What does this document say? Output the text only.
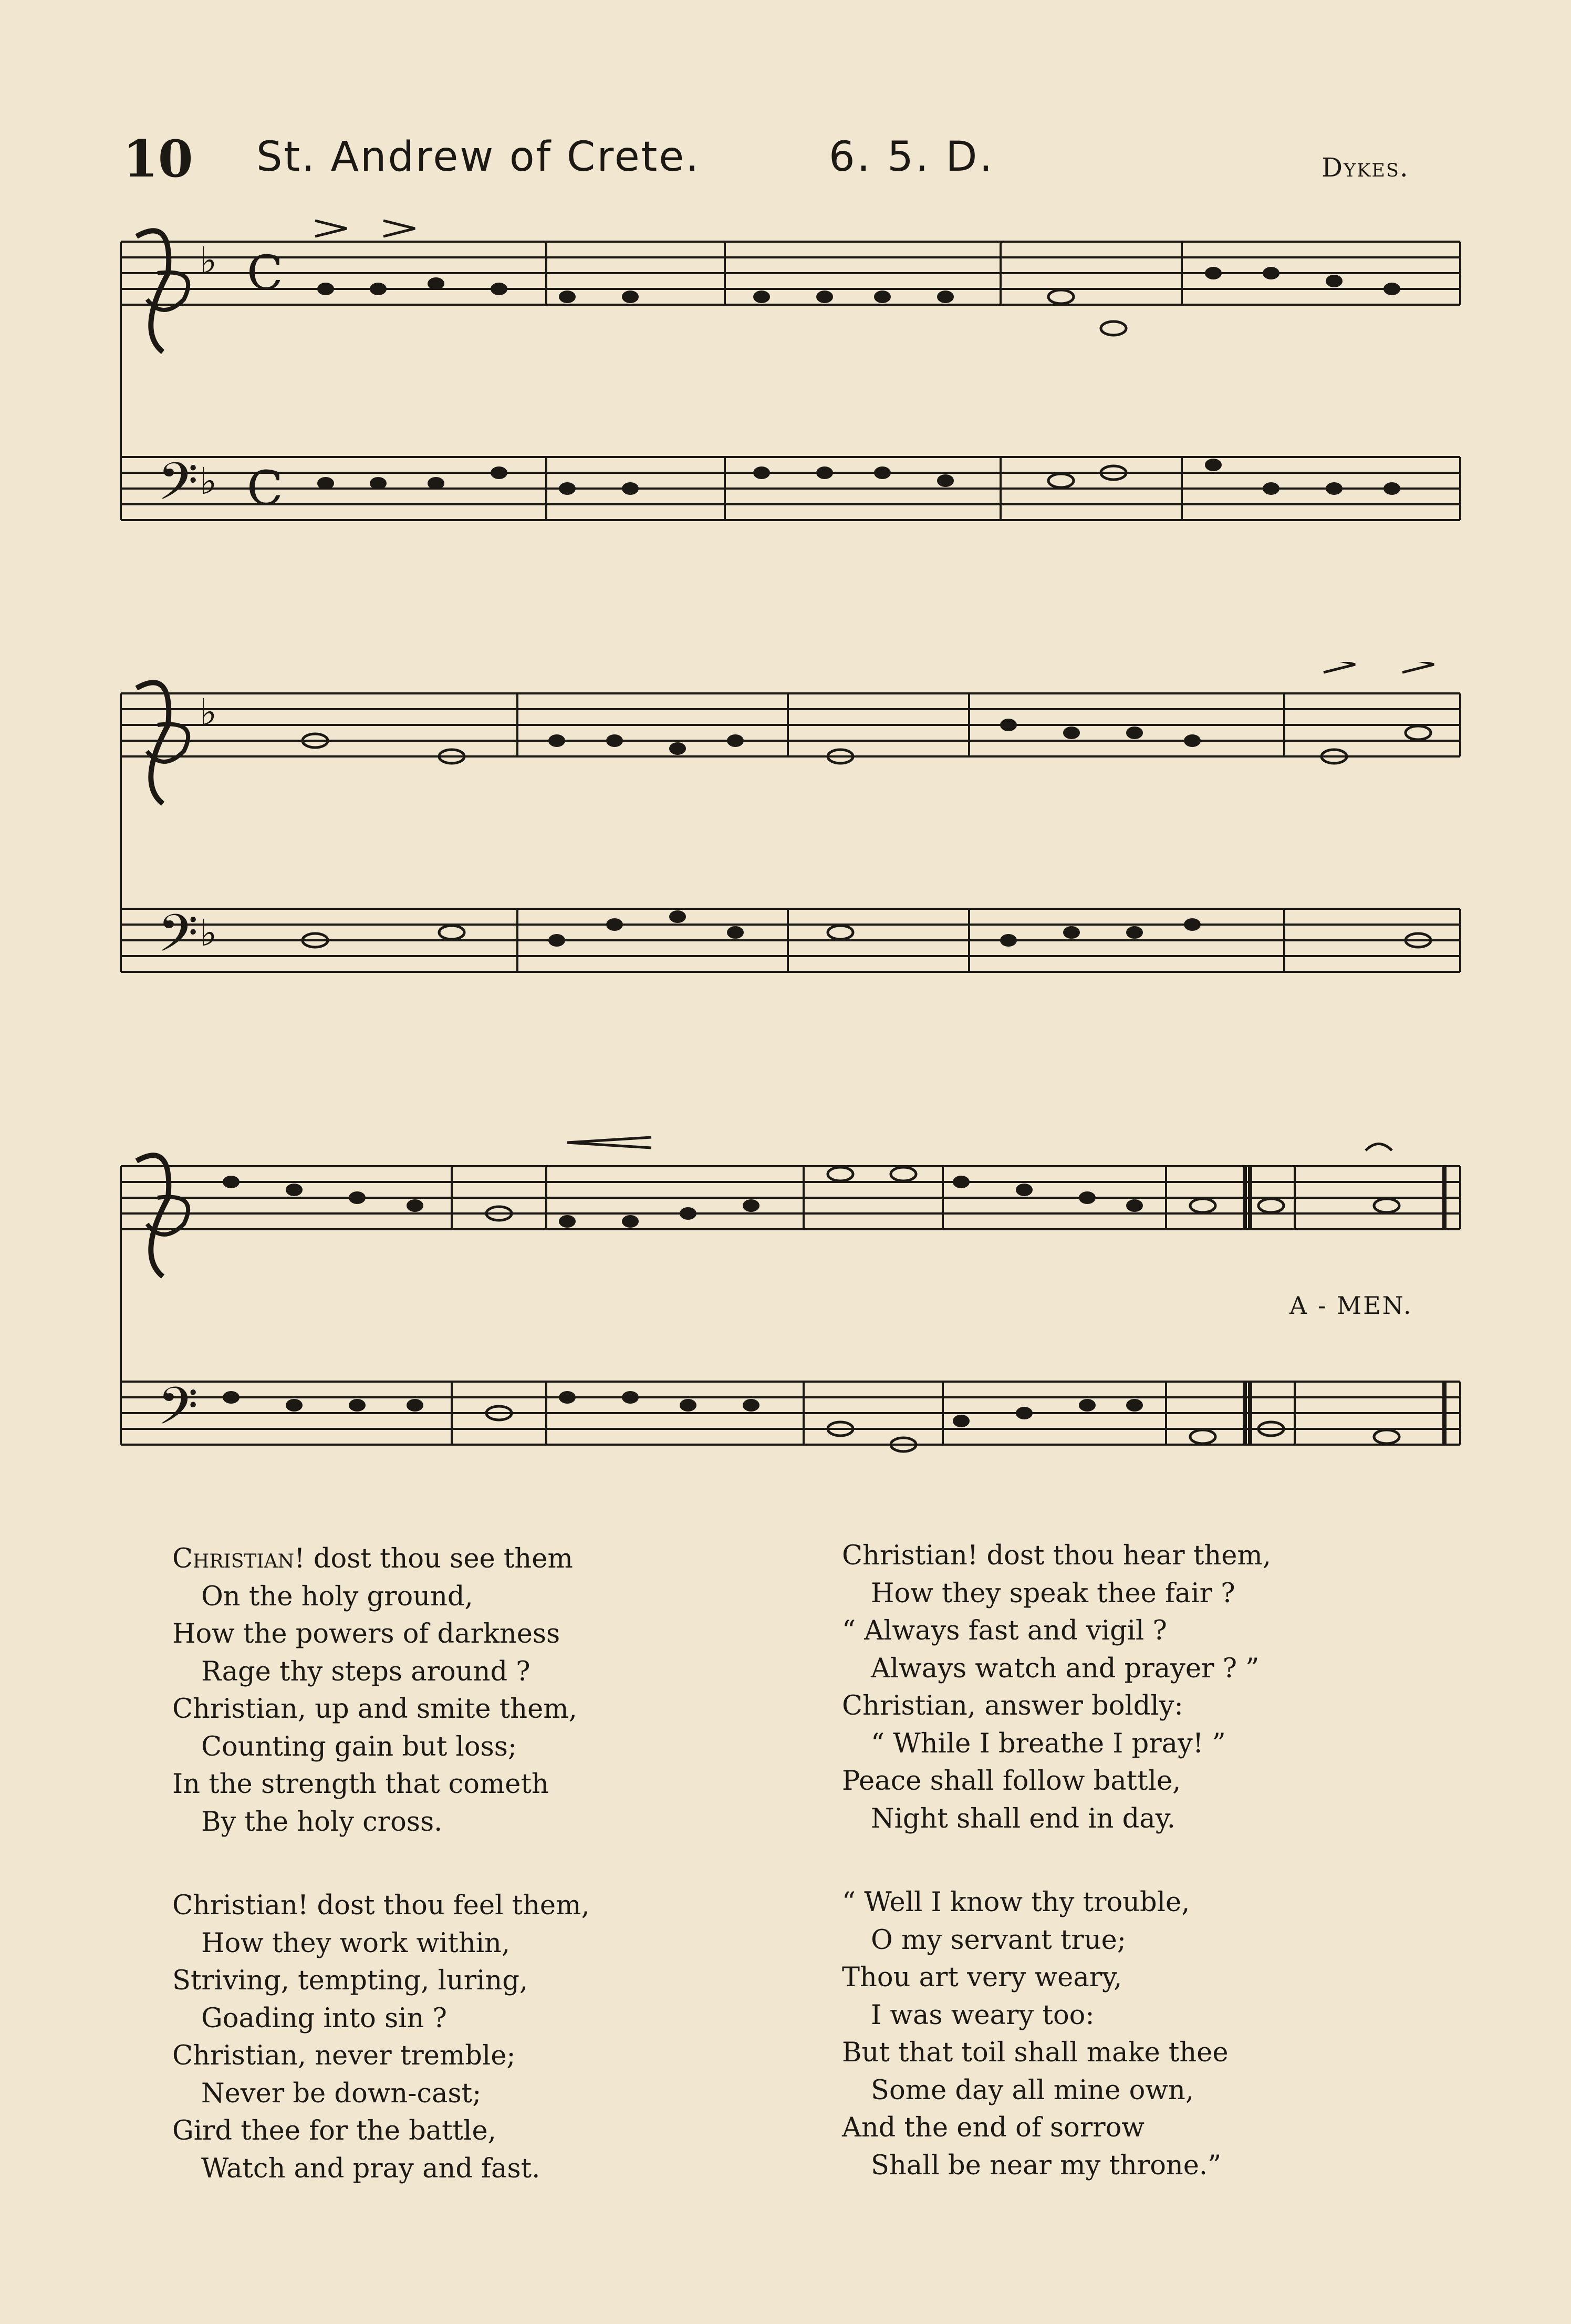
10 St. Andrew of Crete.	6. 5. D.	Dykes.
𝄢
♭
♭
C
C
𝄢
♭
♭
𝄢
A - MEN.
Christian! dost thou see them
On the holy ground,
How the powers of darkness
Rage thy steps around ?
Christian, up and smite them,
Counting gain but loss;
In the strength that cometh
By the holy cross.
Christian! dost thou feel them,
How they work within,
Striving, tempting, luring,
Goading into sin ?
Christian, never tremble;
Never be down-cast;
Gird thee for the battle,
Watch and pray and fast.
Christian! dost thou hear them,
How they speak thee fair ?
“ Always fast and vigil ?
Always watch and prayer ? ”
Christian, answer boldly:
“ While I breathe I pray! ”
Peace shall follow battle,
Night shall end in day.
“ Well I know thy trouble,
O my servant true;
Thou art very weary,
I was weary too:
But that toil shall make thee
Some day all mine own,
And the end of sorrow
Shall be near my throne.”
